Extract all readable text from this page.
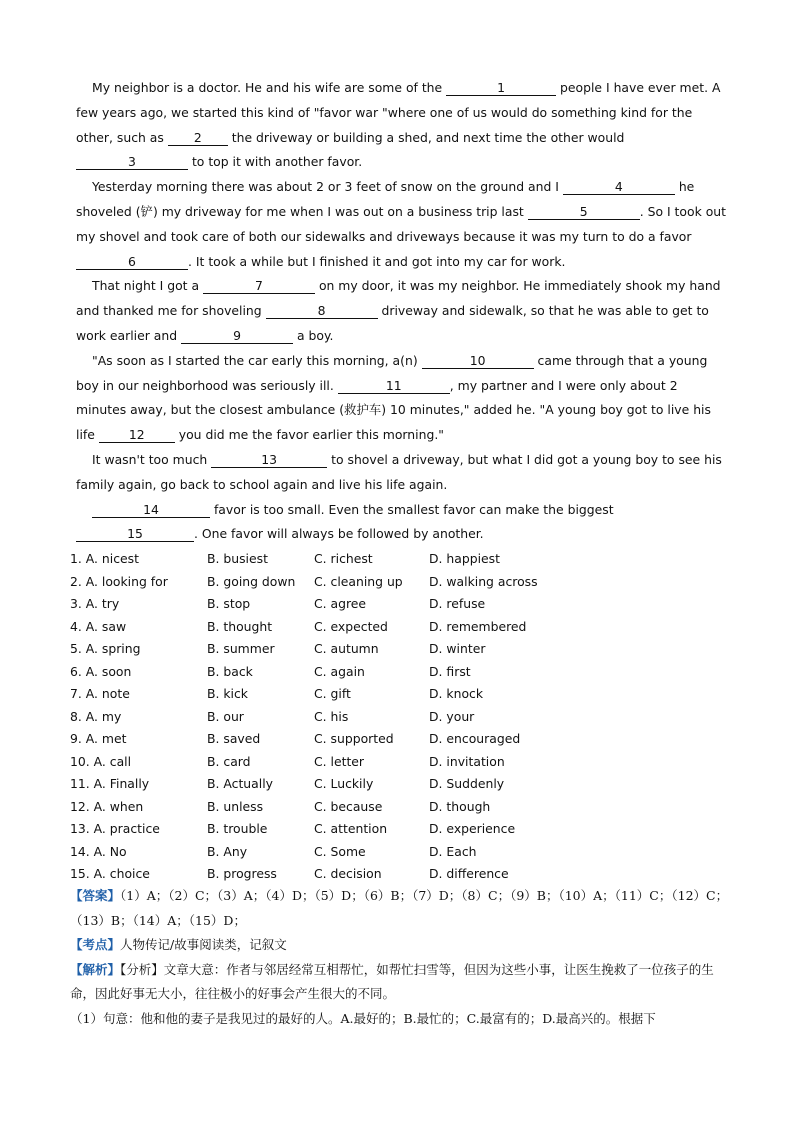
My neighbor is a doctor. He and his wife are some of the	1	people I have ever met. A few years ago, we started this kind of "favor war "where one of us would do something kind for the other, such as 2 the driveway or building a shed, and next time the other would 3	to top it with another favor.

Yesterday morning there was about 2 or 3 feet of snow on the ground and I	4	he shoveled (铲) my driveway for me when I was out on a business trip last	5	. So I took out my shovel and took care of both our sidewalks and driveways because it was my turn to do a favor 6	. It took a while but I finished it and got into my car for work.

That night I got a	7	on my door, it was my neighbor. He immediately shook my hand and thanked me for shoveling	8	driveway and sidewalk, so that he was able to get to work earlier and	9	a boy.

"As soon as I started the car early this morning, a(n)	10	came through that a young boy in our neighborhood was seriously ill.	11	, my partner and I were only about 2 minutes away, but the closest ambulance (救护车) 10 minutes," added he. "A young boy got to live his life 12 you did me the favor earlier this morning."

It wasn't too much	13	to shovel a driveway, but what I did got a young boy to see his family again, go back to school again and live his life again.

14	favor is too small. Even the smallest favor can make the biggest 15	. One favor will always be followed by another.

1. A. nicest	B. busiest	C. richest	D. happiest
2. A. looking for	B. going down C. cleaning up D. walking across
3. A. try	B. stop	C. agree	D. refuse
4. A. saw	B. thought	C. expected	D. remembered
5. A. spring	B. summer	C. autumn	D. winter
6. A. soon	B. back	C. again	D. first
7. A. note	B. kick	C. gift	D. knock
8. A. my	B. our	C. his	D. your
9. A. met	B. saved	C. supported	D. encouraged
10. A. call	B. card	C. letter	D. invitation
11. A. Finally	B. Actually	C. Luckily	D. Suddenly
12. A. when	B. unless	C. because	D. though
13. A. practice	B. trouble	C. attention	D. experience
14. A. No	B. Any	C. Some	D. Each
15. A. choice	B. progress	C. decision	D. difference

【答案】（1）A；（2）C；（3）A；（4）D；（5）D；（6）B；（7）D；（8）C；（9）B；（10）A；（11）C；（12）C；（13）B；（14）A；（15）D；

【考点】人物传记/故事阅读类，记叙文

【解析】【分析】文章大意：作者与邻居经常互相帮忙，如帮忙扫雪等，但因为这些小事，让医生挽救了一位孩子的生命，因此好事无大小，往往极小的好事会产生很大的不同。

（1）句意：他和他的妻子是我见过的最好的人。A.最好的；B.最忙的；C.最富有的；D.最高兴的。根据下
